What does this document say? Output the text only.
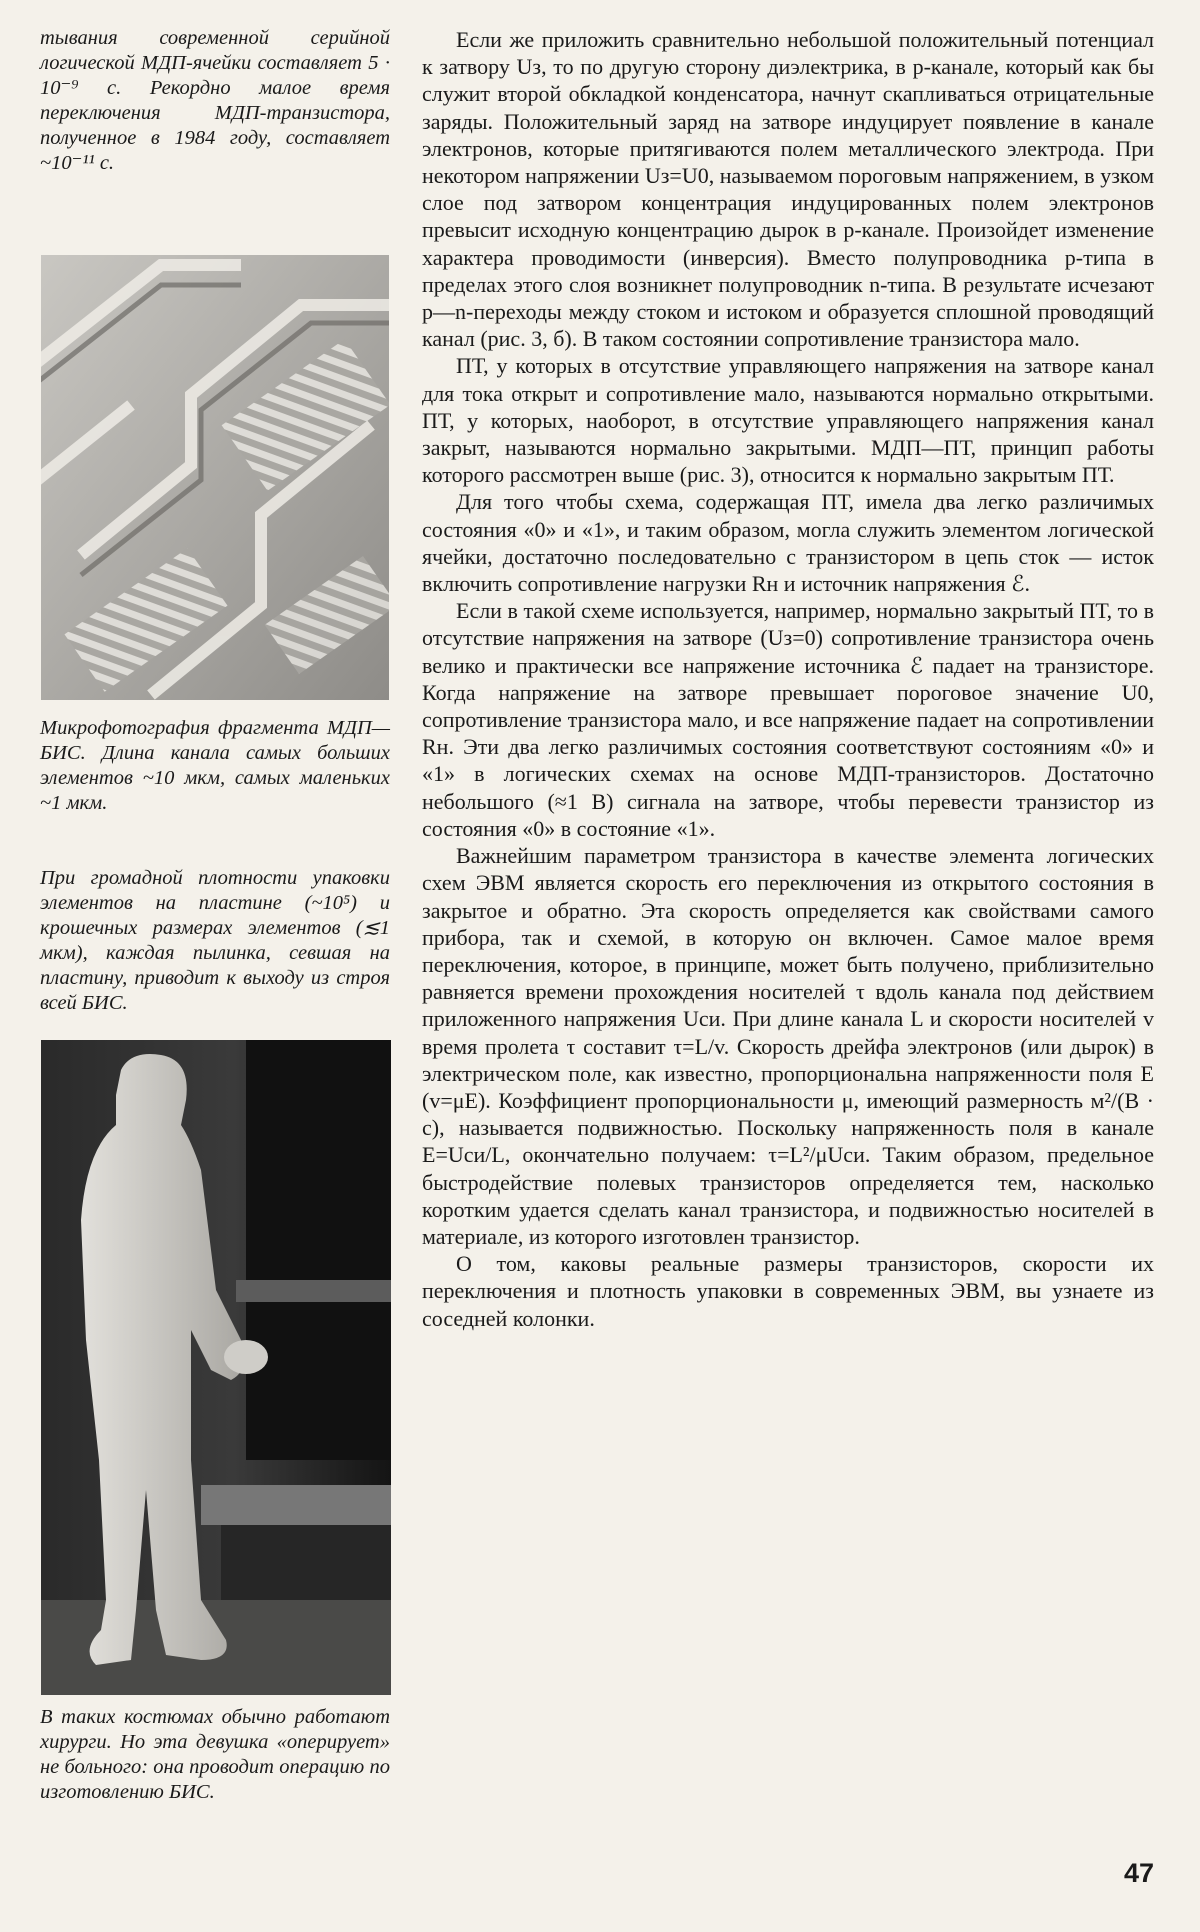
тывания современной серийной логической МДП-ячейки составляет 5 · 10⁻⁹ с. Рекордно малое время переключения МДП-транзистора, полученное в 1984 году, составляет ~10⁻¹¹ с.

Микрофотография фрагмента МДП—БИС. Длина канала самых больших элементов ~10 мкм, самых маленьких ~1 мкм.

При громадной плотности упаковки элементов на пластине (~10⁵) и крошечных размерах элементов (≲1 мкм), каждая пылинка, севшая на пластину, приводит к выходу из строя всей БИС.

В таких костюмах обычно работают хирурги. Но эта девушка «оперирует» не больного: она проводит операцию по изготовлению БИС.

Если же приложить сравнительно небольшой положительный потенциал к затвору Uз, то по другую сторону диэлектрика, в p-канале, который как бы служит второй обкладкой конденсатора, начнут скапливаться отрицательные заряды. Положительный заряд на затворе индуцирует появление в канале электронов, которые притягиваются полем металлического электрода. При некотором напряжении Uз=U0, называемом пороговым напряжением, в узком слое под затвором концентрация индуцированных полем электронов превысит исходную концентрацию дырок в p-канале. Произойдет изменение характера проводимости (инверсия). Вместо полупроводника p-типа в пределах этого слоя возникнет полупроводник n-типа. В результате исчезают p—n-переходы между стоком и истоком и образуется сплошной проводящий канал (рис. 3, б). В таком состоянии сопротивление транзистора мало.

ПТ, у которых в отсутствие управляющего напряжения на затворе канал для тока открыт и сопротивление мало, называются нормально открытыми. ПТ, у которых, наоборот, в отсутствие управляющего напряжения канал закрыт, называются нормально закрытыми. МДП—ПТ, принцип работы которого рассмотрен выше (рис. 3), относится к нормально закрытым ПТ.

Для того чтобы схема, содержащая ПТ, имела два легко различимых состояния «0» и «1», и таким образом, могла служить элементом логической ячейки, достаточно последовательно с транзистором в цепь сток — исток включить сопротивление нагрузки Rн и источник напряжения ℰ.

Если в такой схеме используется, например, нормально закрытый ПТ, то в отсутствие напряжения на затворе (Uз=0) сопротивление транзистора очень велико и практически все напряжение источника ℰ падает на транзисторе. Когда напряжение на затворе превышает пороговое значение U0, сопротивление транзистора мало, и все напряжение падает на сопротивлении Rн. Эти два легко различимых состояния соответствуют состояниям «0» и «1» в логических схемах на основе МДП-транзисторов. Достаточно небольшого (≈1 В) сигнала на затворе, чтобы перевести транзистор из состояния «0» в состояние «1».

Важнейшим параметром транзистора в качестве элемента логических схем ЭВМ является скорость его переключения из открытого состояния в закрытое и обратно. Эта скорость определяется как свойствами самого прибора, так и схемой, в которую он включен. Самое малое время переключения, которое, в принципе, может быть получено, приблизительно равняется времени прохождения носителей τ вдоль канала под действием приложенного напряжения Uси. При длине канала L и скорости носителей v время пролета τ составит τ=L/v. Скорость дрейфа электронов (или дырок) в электрическом поле, как известно, пропорциональна напряженности поля E (v=μE). Коэффициент пропорциональности μ, имеющий размерность м²/(В · с), называется подвижностью. Поскольку напряженность поля в канале E=Uси/L, окончательно получаем: τ=L²/μUси. Таким образом, предельное быстродействие полевых транзисторов определяется тем, насколько коротким удается сделать канал транзистора, и подвижностью носителей в материале, из которого изготовлен транзистор.

О том, каковы реальные размеры транзисторов, скорости их переключения и плотность упаковки в современных ЭВМ, вы узнаете из соседней колонки.

47
